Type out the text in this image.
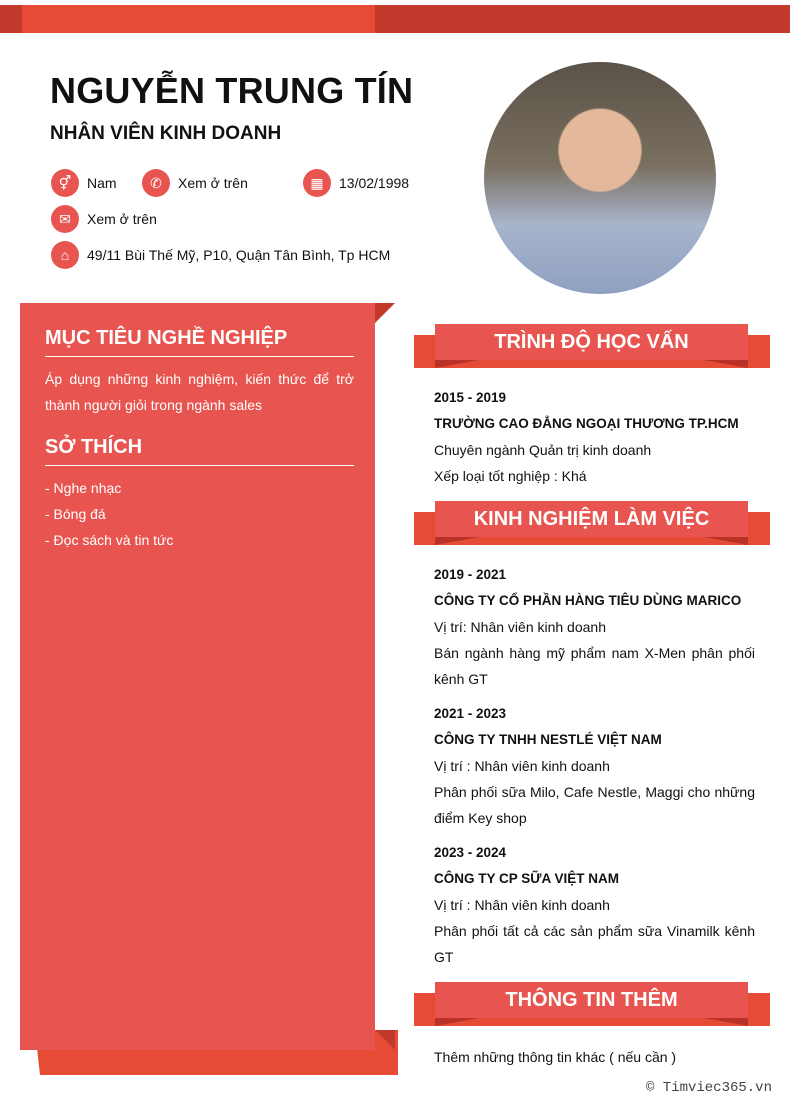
NGUYỄN TRUNG TÍN
NHÂN VIÊN KINH DOANH
⚥	Nam	✆	Xem ở trên	▦	13/02/1998
✉	Xem ở trên
⌂	49/11 Bùi Thế Mỹ, P10, Quận Tân Bình, Tp HCM
MỤC TIÊU NGHỀ NGHIỆP
Áp dụng những kinh nghiệm, kiến thức để trở thành người giỏi trong ngành sales
SỞ THÍCH
- Nghe nhạc
- Bóng đá
- Đọc sách và tin tức
TRÌNH ĐỘ HỌC VẤN
2015 - 2019
TRƯỜNG CAO ĐẲNG NGOẠI THƯƠNG TP.HCM
Chuyên ngành Quản trị kinh doanh
Xếp loại tốt nghiệp : Khá
KINH NGHIỆM LÀM VIỆC
2019 - 2021
CÔNG TY CỔ PHẦN HÀNG TIÊU DÙNG MARICO
Vị trí: Nhân viên kinh doanh
Bán ngành hàng mỹ phẩm nam X-Men phân phối kênh GT
2021 - 2023
CÔNG TY TNHH NESTLÉ VIỆT NAM
Vị trí : Nhân viên kinh doanh
Phân phối sữa Milo, Cafe Nestle, Maggi cho những điểm Key shop
2023 - 2024
CÔNG TY CP SỮA VIỆT NAM
Vị trí : Nhân viên kinh doanh
Phân phối tất cả các sản phẩm sữa Vinamilk kênh GT
THÔNG TIN THÊM
Thêm những thông tin khác ( nếu cần )
© Timviec365.vn
